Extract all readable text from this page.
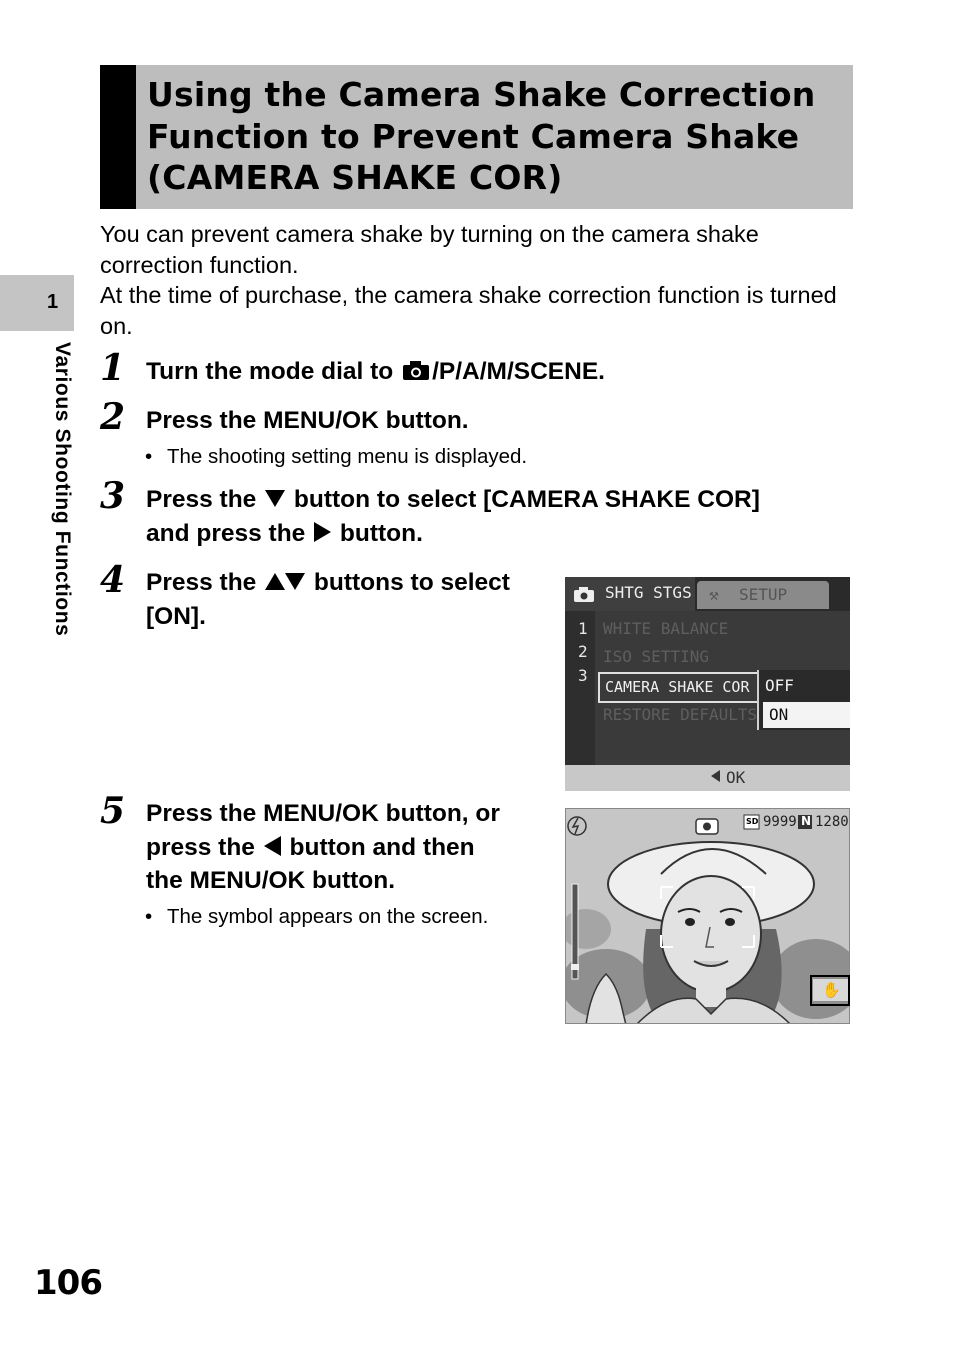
Using the Camera Shake Correction
Function to Prevent Camera Shake
(CAMERA SHAKE COR)
1
Various Shooting Functions

You can prevent camera shake by turning on the camera shake correction function.

At the time of purchase, the camera shake correction function is turned on.

1 Turn the mode dial to /P/A/M/SCENE.
2 Press the MENU/OK button.
• The shooting setting menu is displayed.
3 Press the  button to select [CAMERA SHAKE COR]
and press the  button.
4 Press the  buttons to select
[ON].
SHTG STGS ⚒ SETUP
1
2
3
WHITE BALANCE
ISO SETTING
CAMERA SHAKE COR
RESTORE DEFAULTS
OFF
ON
OK
5 Press the MENU/OK button, or
press the  button and then
the MENU/OK button.
• The symbol appears on the screen.
SD 9999 N 1280
✋
106
